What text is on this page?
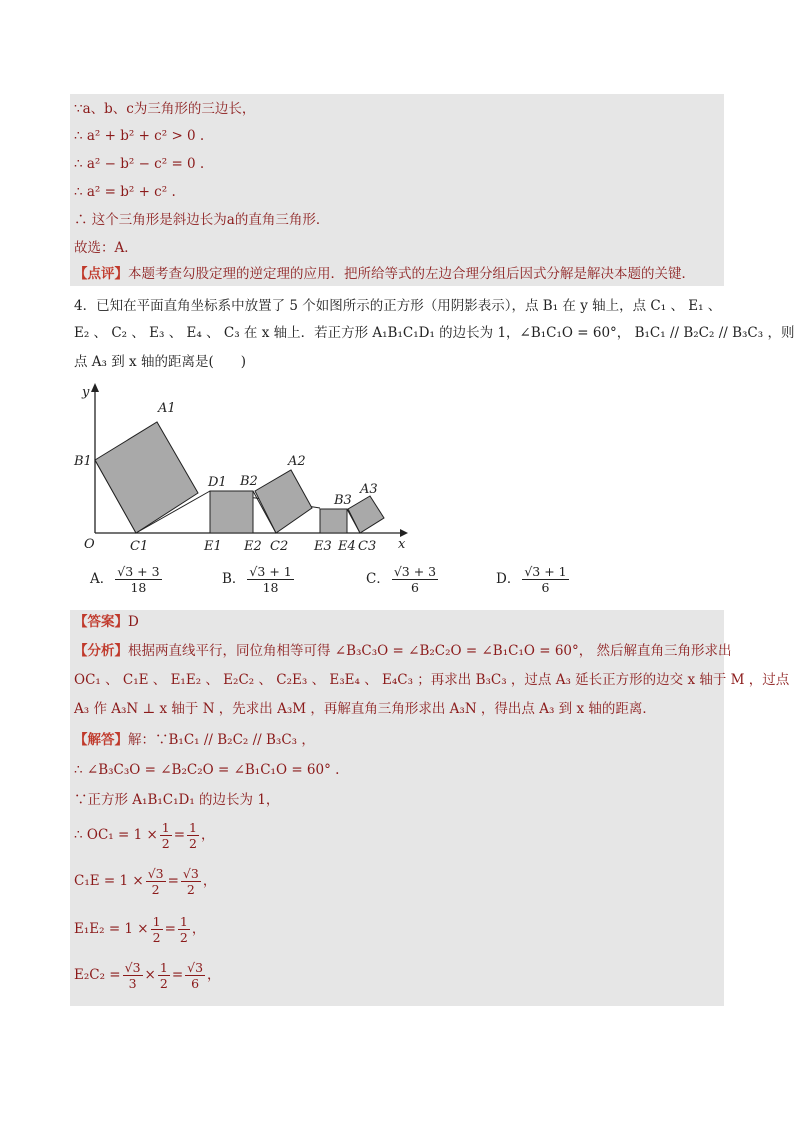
∵a、b、c为三角形的三边长，
∴ a² + b² + c² > 0 .
∴ a² − b² − c² = 0 .
∴ a² = b² + c² .
∴ 这个三角形是斜边长为a的直角三角形．
故选：A．
【点评】本题考查勾股定理的逆定理的应用．把所给等式的左边合理分组后因式分解是解决本题的关键．
4．已知在平面直角坐标系中放置了 5 个如图所示的正方形（用阴影表示），点 B₁ 在 y 轴上，点 C₁ 、 E₁ 、
E₂ 、 C₂ 、 E₃ 、 E₄ 、 C₃ 在 x 轴上．若正方形 A₁B₁C₁D₁ 的边长为 1，∠B₁C₁O = 60°， B₁C₁ // B₂C₂ // B₃C₃ ，则
点 A₃ 到 x 轴的距离是(　　)
y
x
O
A1
B1
C1
D1
E1 E2
B2
A2
C2 E3 E4
B3
A3
C3
A． $\frac{√3 + 3}{18}$	B． $\frac{√3 + 1}{18}$	C． $\frac{√3 + 3}{6}$	D． $\frac{√3 + 1}{6}$
【答案】D
【分析】根据两直线平行，同位角相等可得 ∠B₃C₃O = ∠B₂C₂O = ∠B₁C₁O = 60°， 然后解直角三角形求出
OC₁ 、 C₁E 、 E₁E₂ 、 E₂C₂ 、 C₂E₃ 、 E₃E₄ 、 E₄C₃ ；再求出 B₃C₃ ，过点 A₃ 延长正方形的边交 x 轴于 M ，过点
A₃ 作 A₃N ⊥ x 轴于 N ，先求出 A₃M ，再解直角三角形求出 A₃N ，得出点 A₃ 到 x 轴的距离．
【解答】解：∵B₁C₁ // B₂C₂ // B₃C₃ ，
∴ ∠B₃C₃O = ∠B₂C₂O = ∠B₁C₁O = 60° .
∵正方形 A₁B₁C₁D₁ 的边长为 1，
∴ $OC_1 = 1 \times \frac{1}{2} = \frac{1}{2}$ ，
$C_1E = 1 \times \frac{√3}{2} = \frac{√3}{2}$ ，
$E_1E_2 = 1 \times \frac{1}{2} = \frac{1}{2}$ ，
$E_2C_2 = \frac{√3}{3} \times \frac{1}{2} = \frac{√3}{6}$ ，
